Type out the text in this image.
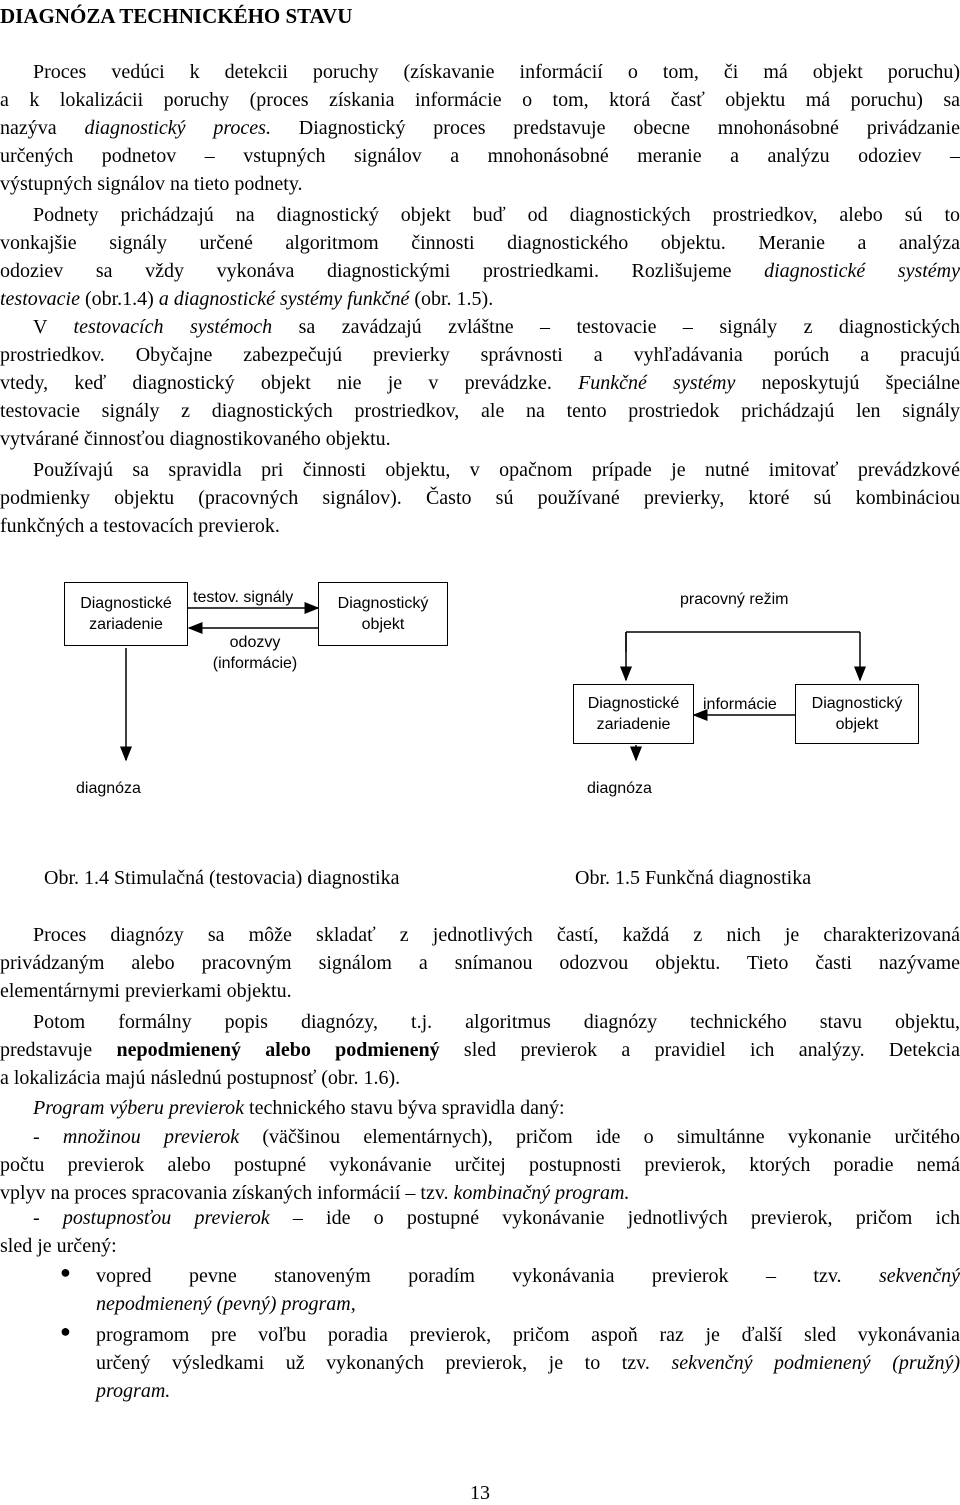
DIAGNÓZA TECHNICKÉHO STAVU
Proces vedúci k detekcii poruchy (získavanie informácií o tom, či má objekt poruchu)
a k lokalizácii poruchy (proces získania informácie o tom, ktorá časť objektu má poruchu) sa
nazýva diagnostický proces. Diagnostický proces predstavuje obecne mnohonásobné privádzanie
určených podnetov – vstupných signálov a mnohonásobné meranie a analýzu odoziev –
výstupných signálov na tieto podnety.
Podnety prichádzajú na diagnostický objekt buď od diagnostických prostriedkov, alebo sú to
vonkajšie signály určené algoritmom činnosti diagnostického objektu. Meranie a analýza
odoziev sa vždy vykonáva diagnostickými prostriedkami. Rozlišujeme diagnostické systémy
testovacie (obr.1.4) a diagnostické systémy funkčné (obr. 1.5).
V testovacích systémoch sa zavádzajú zvláštne – testovacie – signály z diagnostických
prostriedkov. Obyčajne zabezpečujú previerky správnosti a vyhľadávania porúch a pracujú
vtedy, keď diagnostický objekt nie je v prevádzke. Funkčné systémy neposkytujú špeciálne
testovacie signály z diagnostických prostriedkov, ale na tento prostriedok prichádzajú len signály
vytvárané činnosťou diagnostikovaného objektu.
Používajú sa spravidla pri činnosti objektu, v opačnom prípade je nutné imitovať prevádzkové
podmienky objektu (pracovných signálov). Často sú používané previerky, ktoré sú kombináciou
funkčných a testovacích previerok.
Diagnostické
zariadenie
Diagnostický
objekt
testov. signály
odozvy
(informácie)
diagnóza
pracovný režim
Diagnostické
zariadenie
Diagnostický
objekt
informácie
diagnóza
Obr. 1.4 Stimulačná (testovacia) diagnostika	Obr. 1.5 Funkčná diagnostika
Proces diagnózy sa môže skladať z jednotlivých častí, každá z nich je charakterizovaná
privádzaným alebo pracovným signálom a snímanou odozvou objektu. Tieto časti nazývame
elementárnymi previerkami objektu.
Potom formálny popis diagnózy, t.j. algoritmus diagnózy technického stavu objektu,
predstavuje nepodmienený alebo podmienený sled previerok a pravidiel ich analýzy. Detekcia
a lokalizácia majú následnú postupnosť (obr. 1.6).
Program výberu previerok technického stavu býva spravidla daný:
- množinou previerok (väčšinou elementárnych), pričom ide o simultánne vykonanie určitého
počtu previerok alebo postupné vykonávanie určitej postupnosti previerok, ktorých poradie nemá
vplyv na proces spracovania získaných informácií – tzv. kombinačný program.
- postupnosťou previerok – ide o postupné vykonávanie jednotlivých previerok, pričom ich
sled je určený:
● vopred pevne stanoveným poradím vykonávania previerok – tzv. sekvenčný
nepodmienený (pevný) program,
● programom pre voľbu poradia previerok, pričom aspoň raz je ďalší sled vykonávania
určený výsledkami už vykonaných previerok, je to tzv. sekvenčný podmienený (pružný)
program.
13
